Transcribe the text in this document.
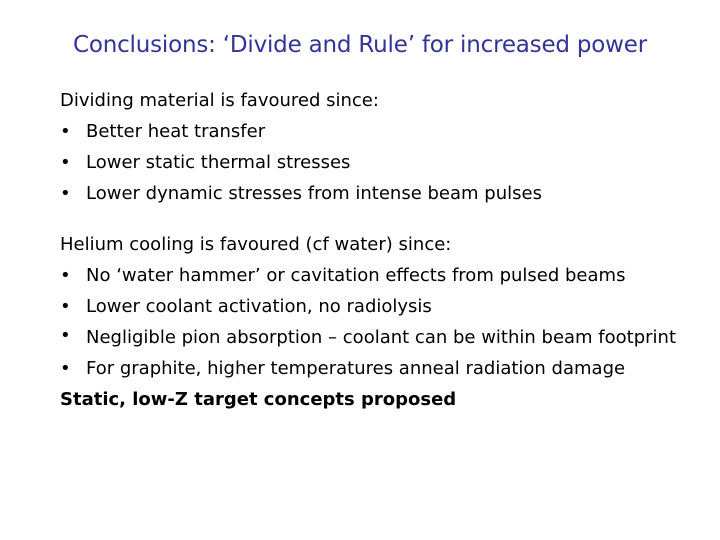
Conclusions: ‘Divide and Rule’ for increased power

Dividing material is favoured since:

• Better heat transfer
• Lower static thermal stresses
• Lower dynamic stresses from intense beam pulses

Helium cooling is favoured (cf water) since:

• No ‘water hammer’ or cavitation effects from pulsed beams
• Lower coolant activation, no radiolysis
• Negligible pion absorption – coolant can be within beam footprint
• For graphite, higher temperatures anneal radiation damage

Static, low-Z target concepts proposed
